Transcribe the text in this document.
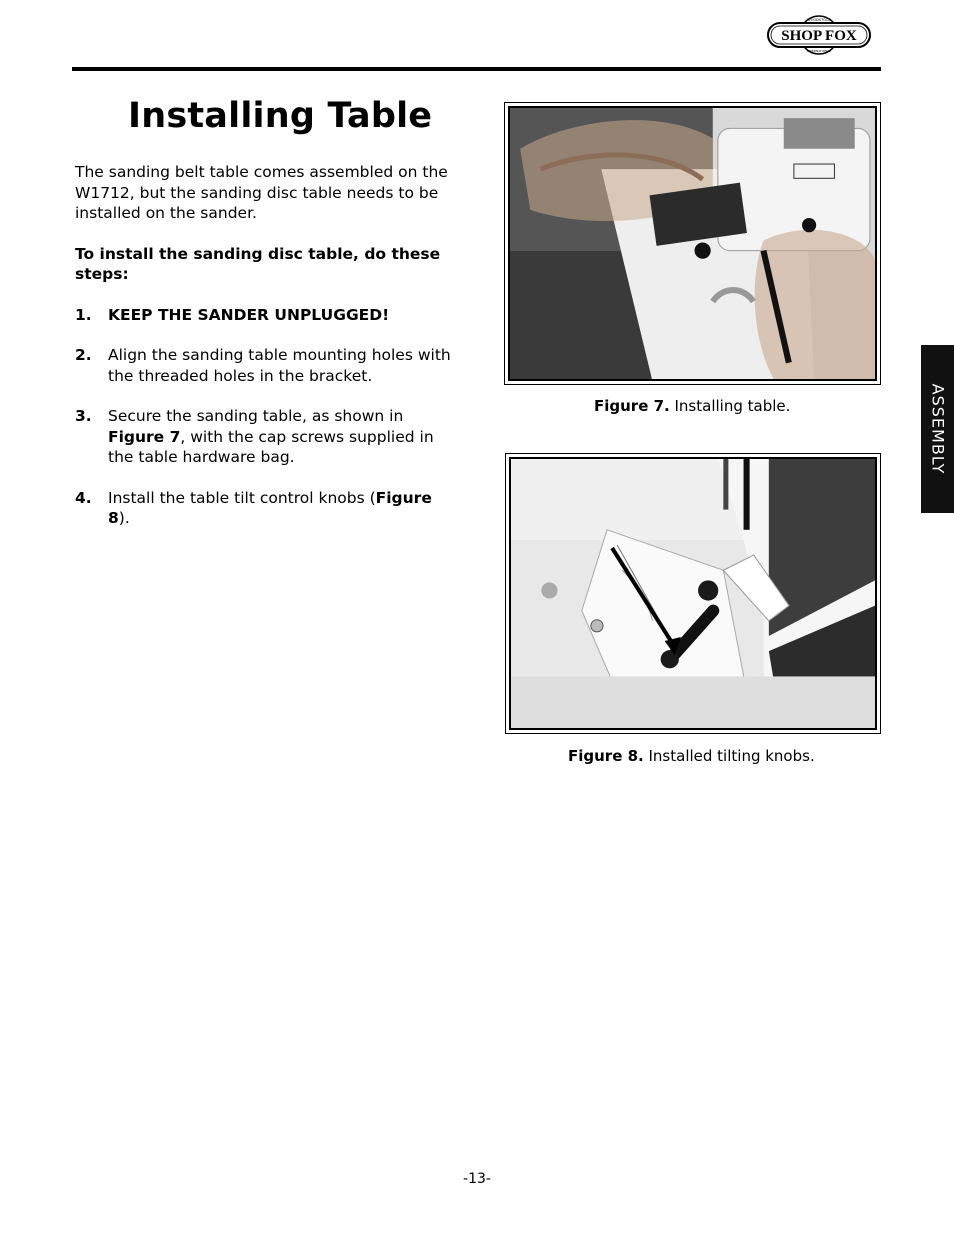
SHOP FOX
WOODSTOCK
INTERNATIONAL
Installing Table

The sanding belt table comes assembled on the W1712, but the sanding disc table needs to be installed on the sander.

To install the sanding disc table, do these steps:

1.	KEEP THE SANDER UNPLUGGED!
2.	Align the sanding table mounting holes with the threaded holes in the bracket.
3.	Secure the sanding table, as shown in Figure 7, with the cap screws supplied in the table hardware bag.
4.	Install the table tilt control knobs (Figure 8).
Figure 7. Installing table.
Figure 8. Installed tilting knobs.
ASSEMBLY
-13-
